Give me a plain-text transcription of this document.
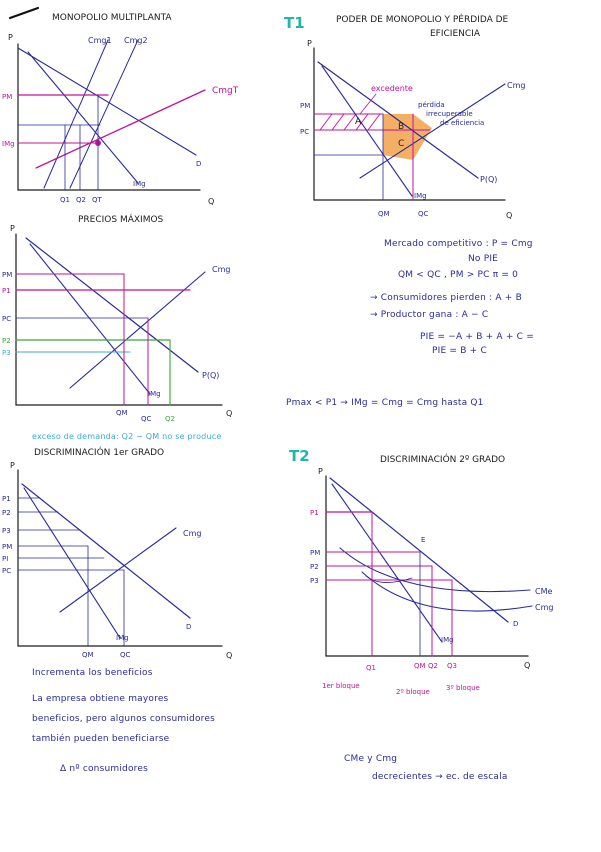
MONOPOLIO MULTIPLANTA
P
Q
D
IMg
Cmg1 Cmg2
CmgT
PM
IMg
Q1 Q2 QT
T1	PODER DE MONOPOLIO Y PÉRDIDA DE
EFICIENCIA
P
Q
PM
PC
P(Q)
IMg
Cmg
QM	QC
excedente
pérdida
irrecuperable
de eficiencia
A	B
C
PRECIOS MÁXIMOS
P
Q
P(Q)
IMg
Cmg
PM
P1
PC
P2
P3
QM
QC Q2
DISCRIMINACIÓN 1er GRADO
P
Q
D
IMg
Cmg
P1
P2
P3
PM
PI
PC
QM	QC
T2	DISCRIMINACIÓN 2º GRADO
P
Q
D
IMg
CMe
Cmg
P1
PM
P2
P3
E
Q1	QM Q2 Q3
1er bloque
2º bloque 3º bloque
Mercado competitivo : P = Cmg
No PIE
QM < QC , PM > PC π = 0
→ Consumidores pierden : A + B
→ Productor gana : A − C
PIE = −A + B + A + C =
PIE = B + C
Pmax < P1 → IMg = Cmg = Cmg hasta Q1
exceso de demanda: Q2 − QM no se produce
Incrementa los beneficios
La empresa obtiene mayores
beneficios, pero algunos consumidores
también pueden beneficiarse
Δ nº consumidores
CMe y Cmg
decrecientes → ec. de escala
